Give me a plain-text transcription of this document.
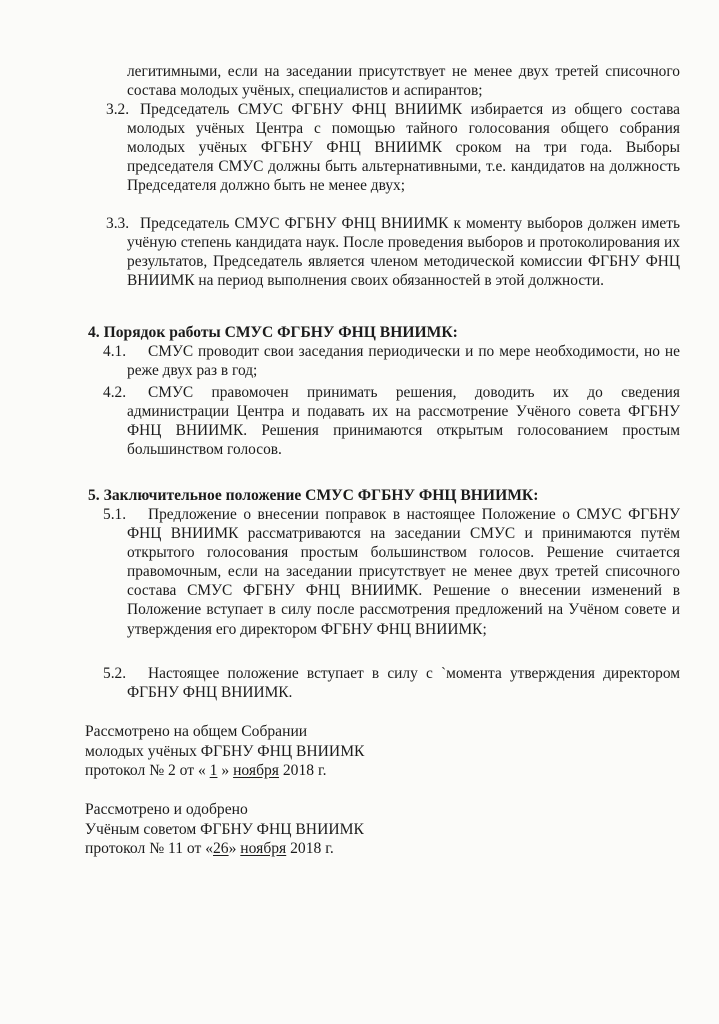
легитимными, если на заседании присутствует не менее двух третей списочного состава молодых учёных, специалистов и аспирантов;
3.2. Председатель СМУС ФГБНУ ФНЦ ВНИИМК избирается из общего состава молодых учёных Центра с помощью тайного голосования общего собрания молодых учёных ФГБНУ ФНЦ ВНИИМК сроком на три года. Выборы председателя СМУС должны быть альтернативными, т.е. кандидатов на должность Председателя должно быть не менее двух;
3.3. Председатель СМУС ФГБНУ ФНЦ ВНИИМК к моменту выборов должен иметь учёную степень кандидата наук. После проведения выборов и протоколирования их результатов, Председатель является членом методической комиссии ФГБНУ ФНЦ ВНИИМК на период выполнения своих обязанностей в этой должности.
4. Порядок работы СМУС ФГБНУ ФНЦ ВНИИМК:
4.1.	СМУС проводит свои заседания периодически и по мере необходимости, но не реже двух раз в год;
4.2.	СМУС правомочен принимать решения, доводить их до сведения администрации Центра и подавать их на рассмотрение Учёного совета ФГБНУ ФНЦ ВНИИМК. Решения принимаются открытым голосованием простым большинством голосов.
5. Заключительное положение СМУС ФГБНУ ФНЦ ВНИИМК:
5.1.	Предложение о внесении поправок в настоящее Положение о СМУС ФГБНУ ФНЦ ВНИИМК рассматриваются на заседании СМУС и принимаются путём открытого голосования простым большинством голосов. Решение считается правомочным, если на заседании присутствует не менее двух третей списочного состава СМУС ФГБНУ ФНЦ ВНИИМК. Решение о внесении изменений в Положение вступает в силу после рассмотрения предложений на Учёном совете и утверждения его директором ФГБНУ ФНЦ ВНИИМК;
5.2.	Настоящее положение вступает в силу с `момента утверждения директором ФГБНУ ФНЦ ВНИИМК.
Рассмотрено на общем Собрании
молодых учёных ФГБНУ ФНЦ ВНИИМК
протокол № 2 от « 1 » ноября 2018 г.
Рассмотрено и одобрено
Учёным советом ФГБНУ ФНЦ ВНИИМК
протокол № 11 от «26» ноября 2018 г.
